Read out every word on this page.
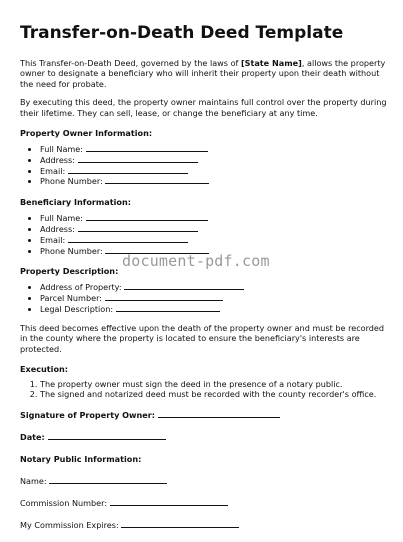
Transfer-on-Death Deed Template

This Transfer-on-Death Deed, governed by the laws of [State Name], allows the property owner to designate a beneficiary who will inherit their property upon their death without the need for probate.

By executing this deed, the property owner maintains full control over the property during their lifetime. They can sell, lease, or change the beneficiary at any time.

Property Owner Information:
• Full Name:
• Address:
• Email:
• Phone Number:
Beneficiary Information:
• Full Name:
• Address:
• Email:
• Phone Number:
Property Description:
• Address of Property:
• Parcel Number:
• Legal Description:

This deed becomes effective upon the death of the property owner and must be recorded in the county where the property is located to ensure the beneficiary's interests are protected.

Execution:
1. The property owner must sign the deed in the presence of a notary public.
2. The signed and notarized deed must be recorded with the county recorder's office.
Signature of Property Owner:
Date:
Notary Public Information:
Name:
Commission Number:
My Commission Expires:
document-pdf.com
